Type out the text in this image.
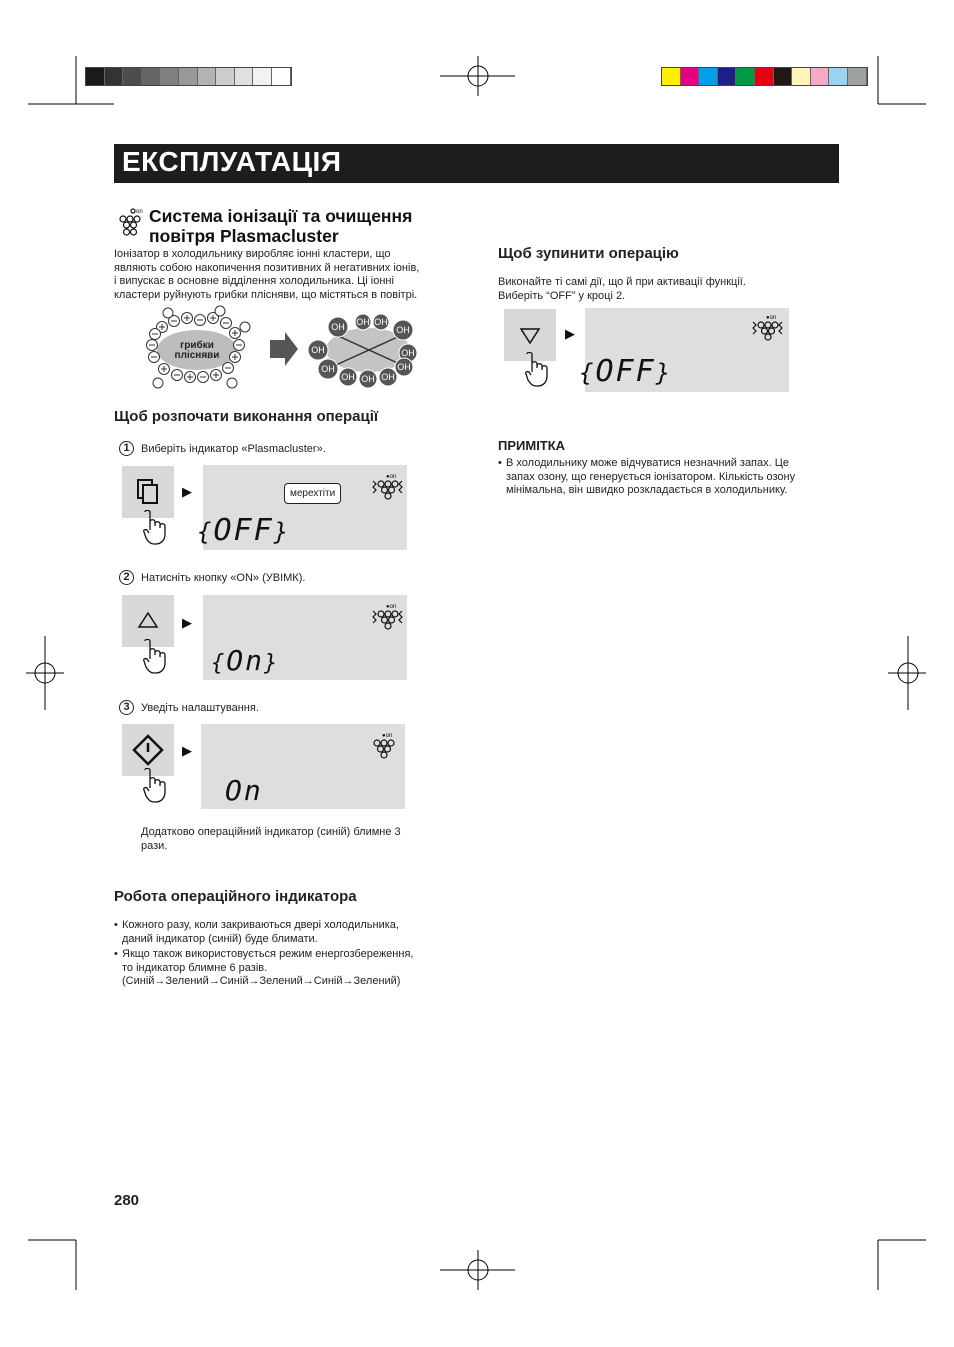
ЕКСПЛУАТАЦІЯ
on Система іонізації та очищення
повітря Plasmacluster

Іонізатор в холодильнику виробляє іонні кластери, що
являють собою накопичення позитивних й негативних іонів,
і випускає в основне відділення холодильника. Ці іонні
кластери руйнують грибки плісняви, що містяться в повітрі.

грибки
плісняви
OH OH OH
OH
OH
OH
OH OH OH
OH
OH
Щоб розпочати виконання операції
1	Виберіть індикатор «Plasmacluster».
▶
●on
{OFF}
мерехтіти
2	Натисніть кнопку «ON» (УВІМК).
▶
●on
{On}
3	Уведіть налаштування.
▶
●on
On

Додатково операційний індикатор (синій) блимне 3
рази.

Робота операційного індикатора
• Кожного разу, коли закриваються двері холодильника,
даний індикатор (синій) буде блимати.
• Якщо також використовується режим енергозбереження,
то індикатор блимне 6 разів.
(Синій→Зелений→Синій→Зелений→Синій→Зелений)
Щоб зупинити операцію

Виконайте ті самі дії, що й при активації функції.
Виберіть “OFF” у кроці 2.

▶
●on
{OFF}
ПРИМІТКА
• В холодильнику може відчуватися незначний запах. Це
запах озону, що генерується іонізатором. Кількість озону
мінімальна, він швидко розкладається в холодильнику.
280
